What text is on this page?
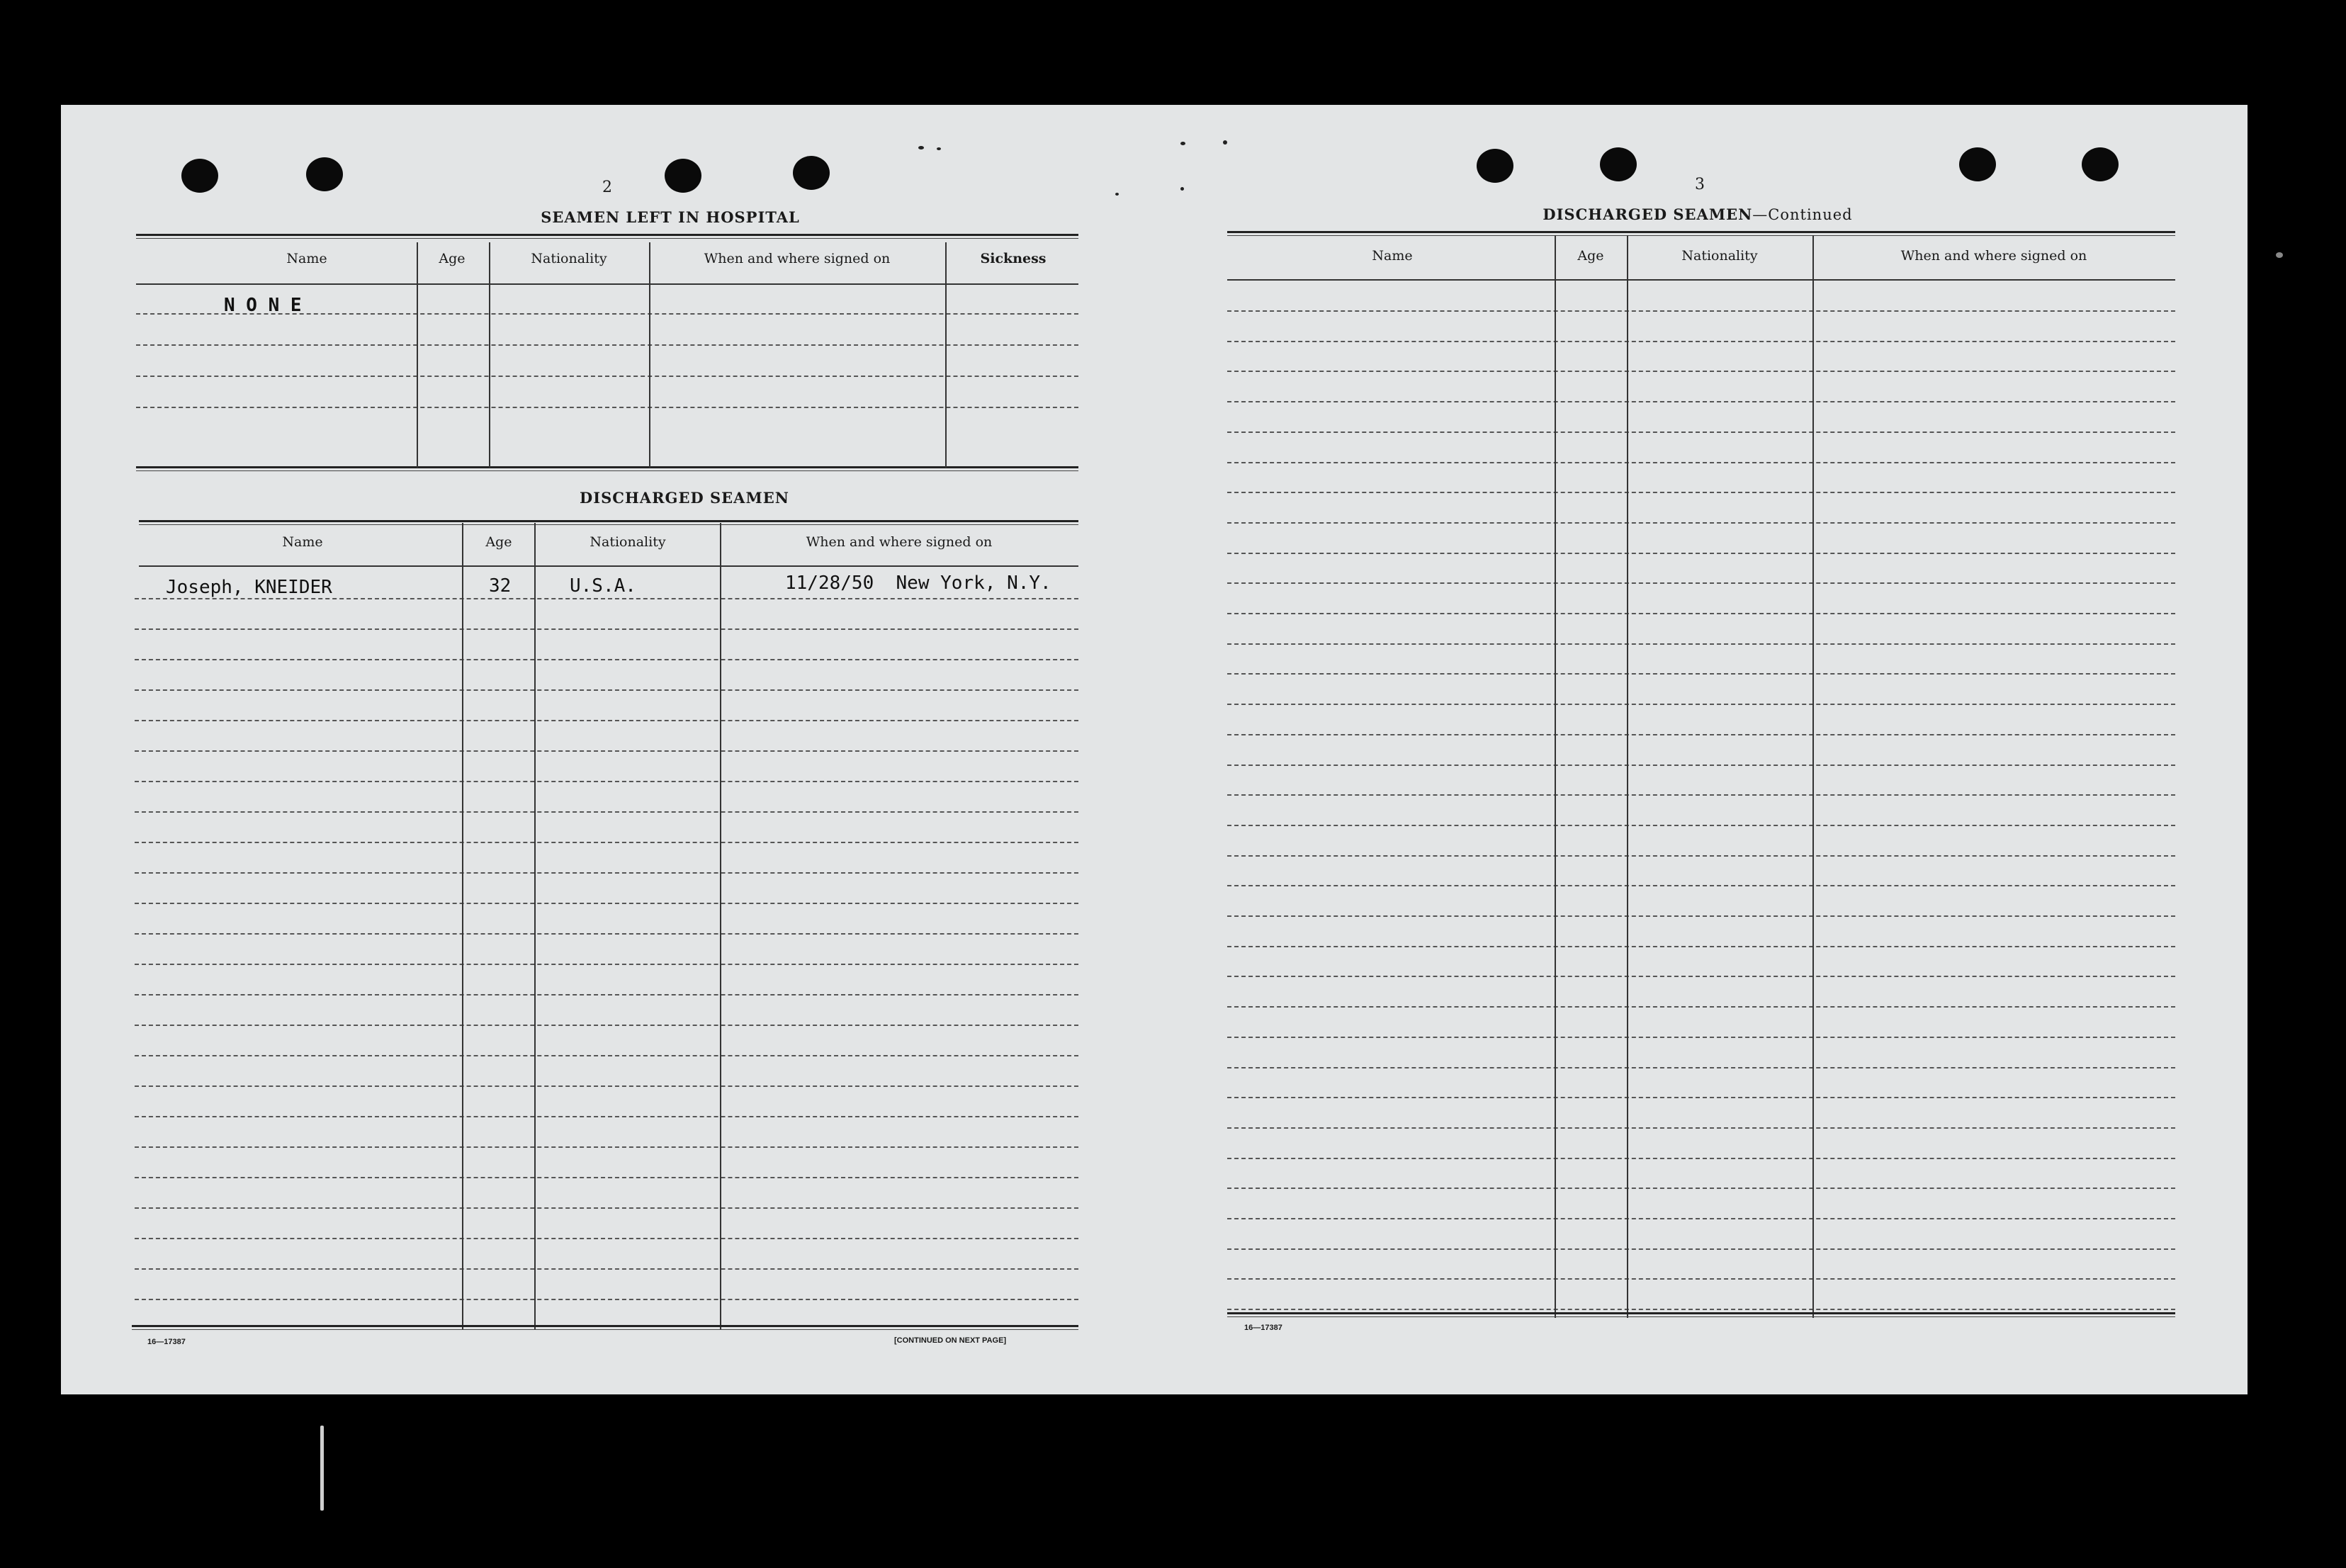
2
SEAMEN LEFT IN HOSPITAL
Name	Age	Nationality	When and where signed on	Sickness
N O N E
DISCHARGED SEAMEN
Name	Age	Nationality	When and where signed on
Joseph, KNEIDER	32	U.S.A.	11/28/50  New York, N.Y.
16—17387	[CONTINUED ON NEXT PAGE]
3
DISCHARGED SEAMEN—Continued
Name	Age	Nationality	When and where signed on
16—17387
